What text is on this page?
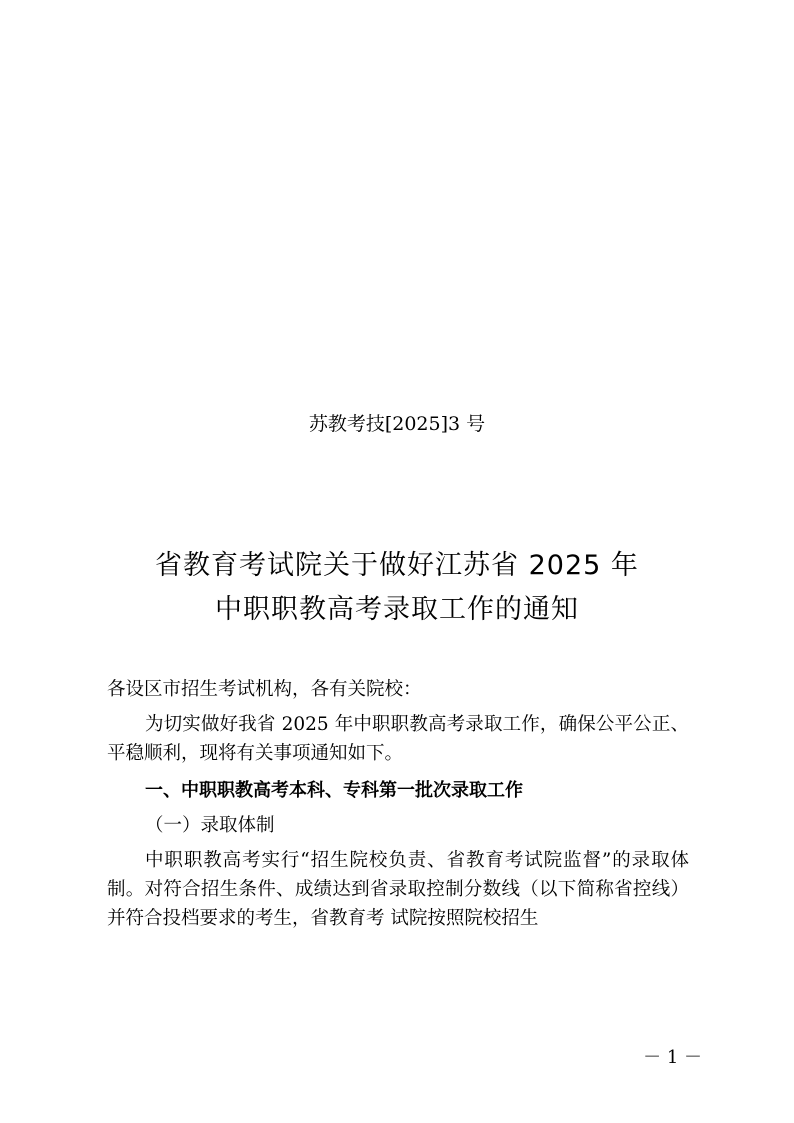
苏教考技[2025]3 号
省教育考试院关于做好江苏省 2025 年
中职职教高考录取工作的通知

各设区市招生考试机构，各有关院校：

为切实做好我省 2025 年中职职教高考录取工作，确保公平公正、平稳顺利，现将有关事项通知如下。

一、中职职教高考本科、专科第一批次录取工作

（一）录取体制

中职职教高考实行“招生院校负责、省教育考试院监督”的录取体制。对符合招生条件、成绩达到省录取控制分数线（以下简称省控线）并符合投档要求的考生，省教育考 试院按照院校招生

－ 1 －
